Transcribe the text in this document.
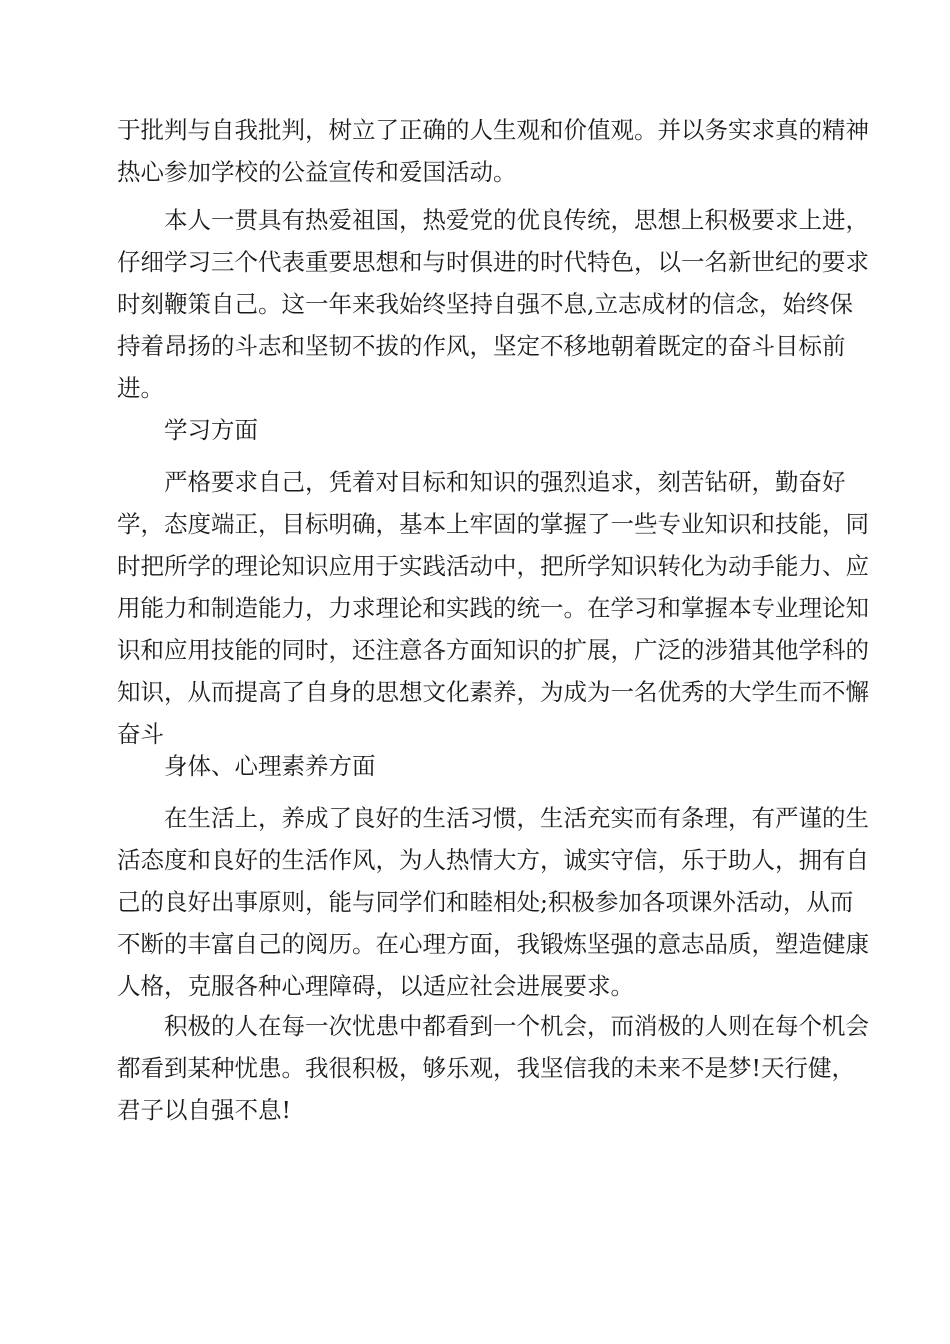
于批判与自我批判，树立了正确的人生观和价值观。并以务实求真的精神
热心参加学校的公益宣传和爱国活动。
本人一贯具有热爱祖国，热爱党的优良传统，思想上积极要求上进，
仔细学习三个代表重要思想和与时俱进的时代特色，以一名新世纪的要求
时刻鞭策自己。这一年来我始终坚持自强不息,立志成材的信念，始终保
持着昂扬的斗志和坚韧不拔的作风，坚定不移地朝着既定的奋斗目标前
进。
学习方面
严格要求自己，凭着对目标和知识的强烈追求，刻苦钻研，勤奋好
学，态度端正，目标明确，基本上牢固的掌握了一些专业知识和技能，同
时把所学的理论知识应用于实践活动中，把所学知识转化为动手能力、应
用能力和制造能力，力求理论和实践的统一。在学习和掌握本专业理论知
识和应用技能的同时，还注意各方面知识的扩展，广泛的涉猎其他学科的
知识，从而提高了自身的思想文化素养，为成为一名优秀的大学生而不懈
奋斗
身体、心理素养方面
在生活上，养成了良好的生活习惯，生活充实而有条理，有严谨的生
活态度和良好的生活作风，为人热情大方，诚实守信，乐于助人，拥有自
己的良好出事原则，能与同学们和睦相处;积极参加各项课外活动，从而
不断的丰富自己的阅历。在心理方面，我锻炼坚强的意志品质，塑造健康
人格，克服各种心理障碍，以适应社会进展要求。
积极的人在每一次忧患中都看到一个机会，而消极的人则在每个机会
都看到某种忧患。我很积极，够乐观，我坚信我的未来不是梦!天行健，
君子以自强不息!
